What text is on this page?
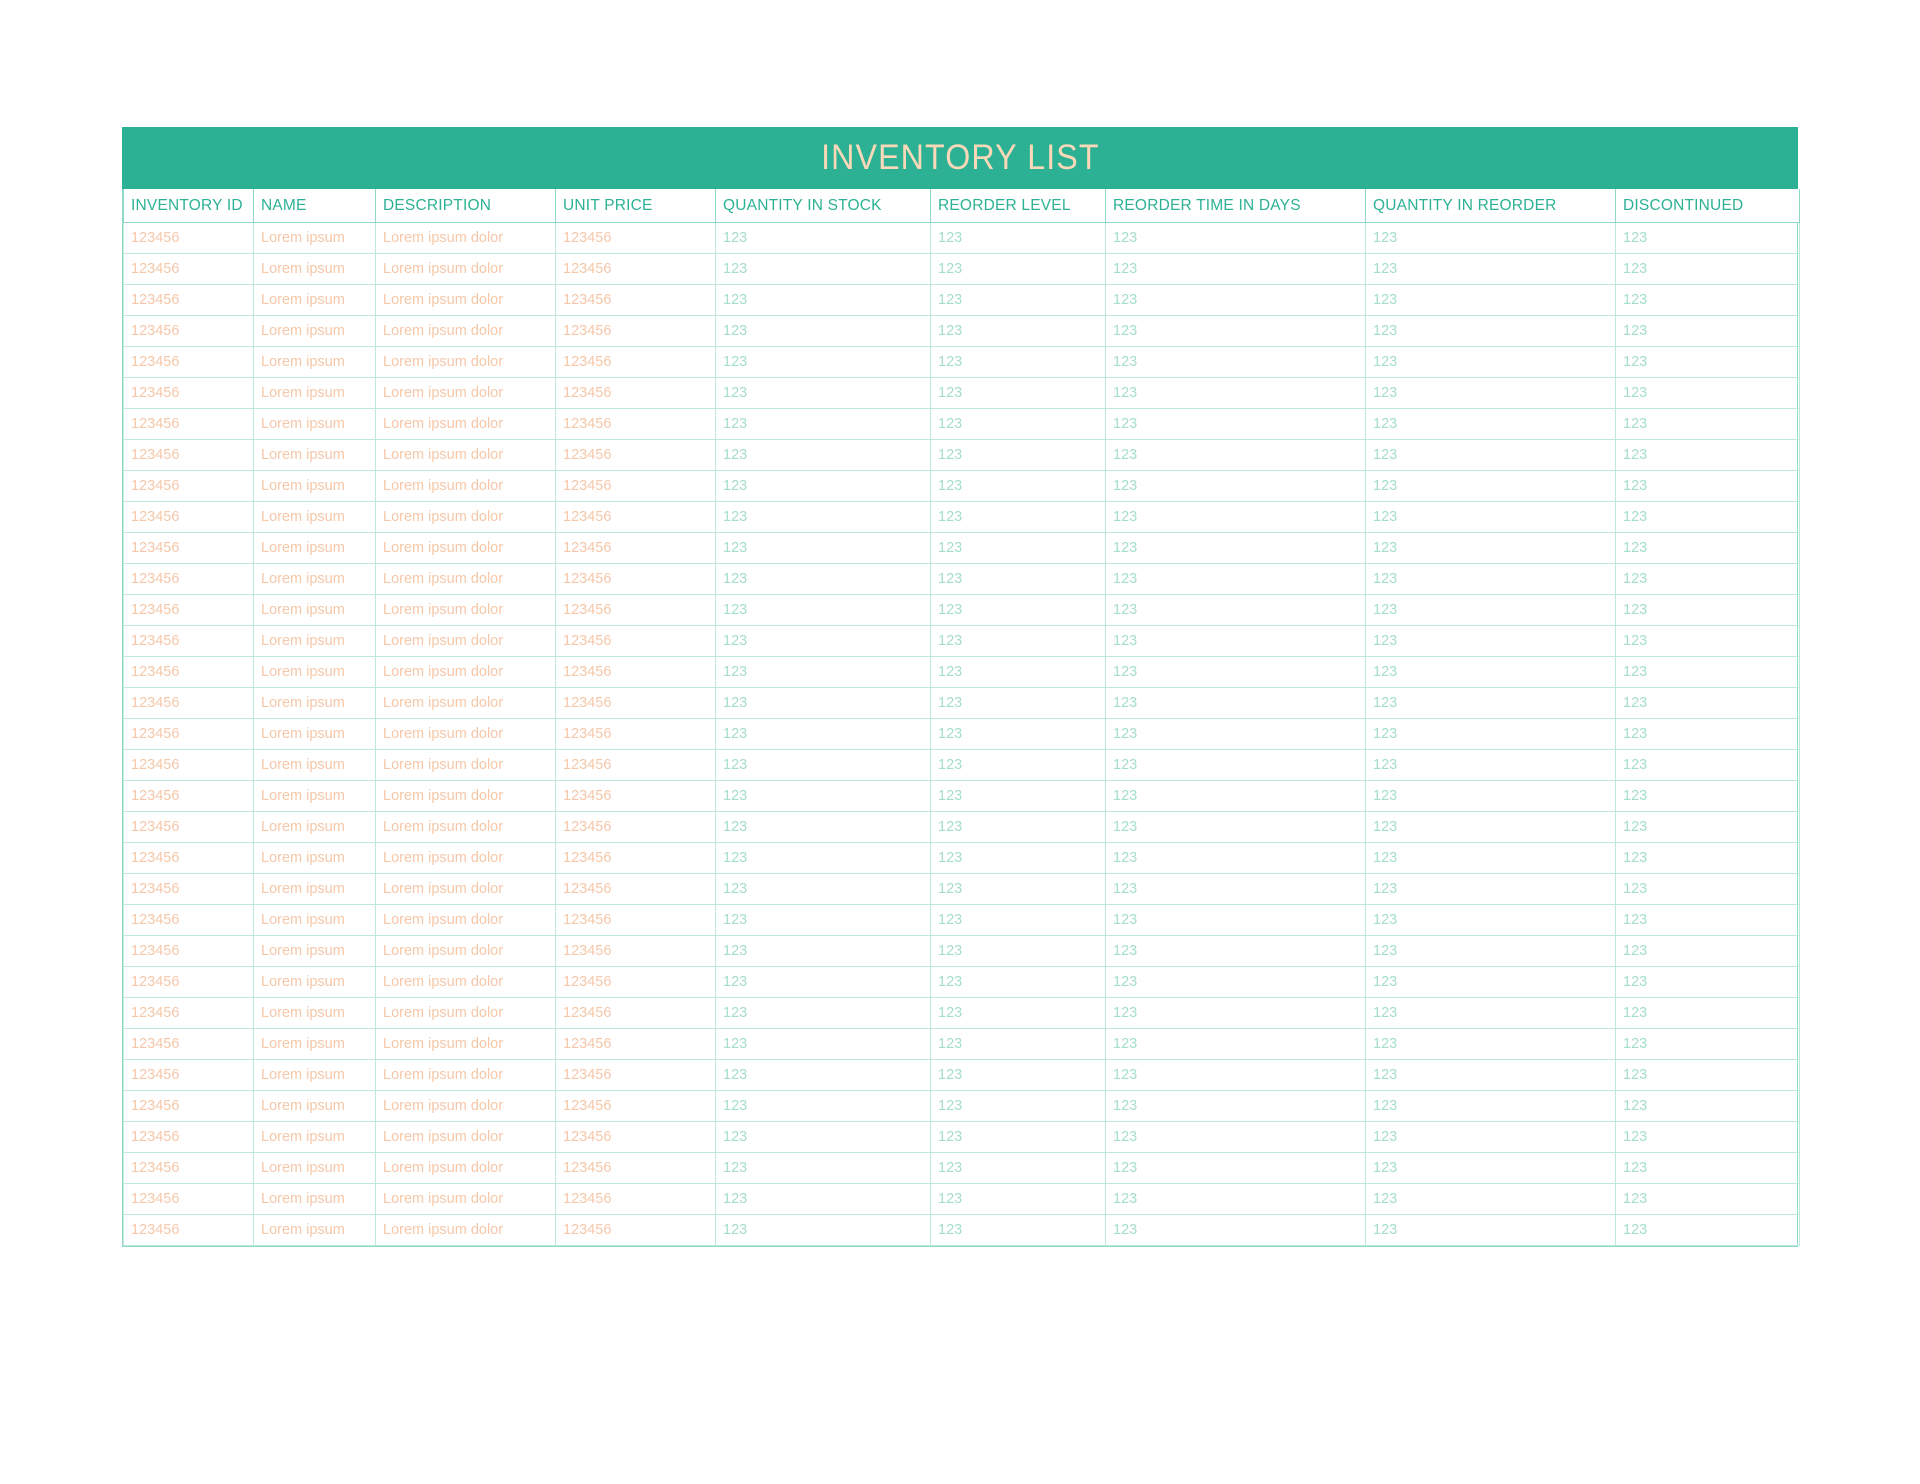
INVENTORY LIST
INVENTORY ID	NAME	DESCRIPTION	UNIT PRICE	QUANTITY IN STOCK	REORDER LEVEL	REORDER TIME IN DAYS	QUANTITY IN REORDER	DISCONTINUED
123456	Lorem ipsum	Lorem ipsum dolor	123456	123	123	123	123	123
123456	Lorem ipsum	Lorem ipsum dolor	123456	123	123	123	123	123
123456	Lorem ipsum	Lorem ipsum dolor	123456	123	123	123	123	123
123456	Lorem ipsum	Lorem ipsum dolor	123456	123	123	123	123	123
123456	Lorem ipsum	Lorem ipsum dolor	123456	123	123	123	123	123
123456	Lorem ipsum	Lorem ipsum dolor	123456	123	123	123	123	123
123456	Lorem ipsum	Lorem ipsum dolor	123456	123	123	123	123	123
123456	Lorem ipsum	Lorem ipsum dolor	123456	123	123	123	123	123
123456	Lorem ipsum	Lorem ipsum dolor	123456	123	123	123	123	123
123456	Lorem ipsum	Lorem ipsum dolor	123456	123	123	123	123	123
123456	Lorem ipsum	Lorem ipsum dolor	123456	123	123	123	123	123
123456	Lorem ipsum	Lorem ipsum dolor	123456	123	123	123	123	123
123456	Lorem ipsum	Lorem ipsum dolor	123456	123	123	123	123	123
123456	Lorem ipsum	Lorem ipsum dolor	123456	123	123	123	123	123
123456	Lorem ipsum	Lorem ipsum dolor	123456	123	123	123	123	123
123456	Lorem ipsum	Lorem ipsum dolor	123456	123	123	123	123	123
123456	Lorem ipsum	Lorem ipsum dolor	123456	123	123	123	123	123
123456	Lorem ipsum	Lorem ipsum dolor	123456	123	123	123	123	123
123456	Lorem ipsum	Lorem ipsum dolor	123456	123	123	123	123	123
123456	Lorem ipsum	Lorem ipsum dolor	123456	123	123	123	123	123
123456	Lorem ipsum	Lorem ipsum dolor	123456	123	123	123	123	123
123456	Lorem ipsum	Lorem ipsum dolor	123456	123	123	123	123	123
123456	Lorem ipsum	Lorem ipsum dolor	123456	123	123	123	123	123
123456	Lorem ipsum	Lorem ipsum dolor	123456	123	123	123	123	123
123456	Lorem ipsum	Lorem ipsum dolor	123456	123	123	123	123	123
123456	Lorem ipsum	Lorem ipsum dolor	123456	123	123	123	123	123
123456	Lorem ipsum	Lorem ipsum dolor	123456	123	123	123	123	123
123456	Lorem ipsum	Lorem ipsum dolor	123456	123	123	123	123	123
123456	Lorem ipsum	Lorem ipsum dolor	123456	123	123	123	123	123
123456	Lorem ipsum	Lorem ipsum dolor	123456	123	123	123	123	123
123456	Lorem ipsum	Lorem ipsum dolor	123456	123	123	123	123	123
123456	Lorem ipsum	Lorem ipsum dolor	123456	123	123	123	123	123
123456	Lorem ipsum	Lorem ipsum dolor	123456	123	123	123	123	123
